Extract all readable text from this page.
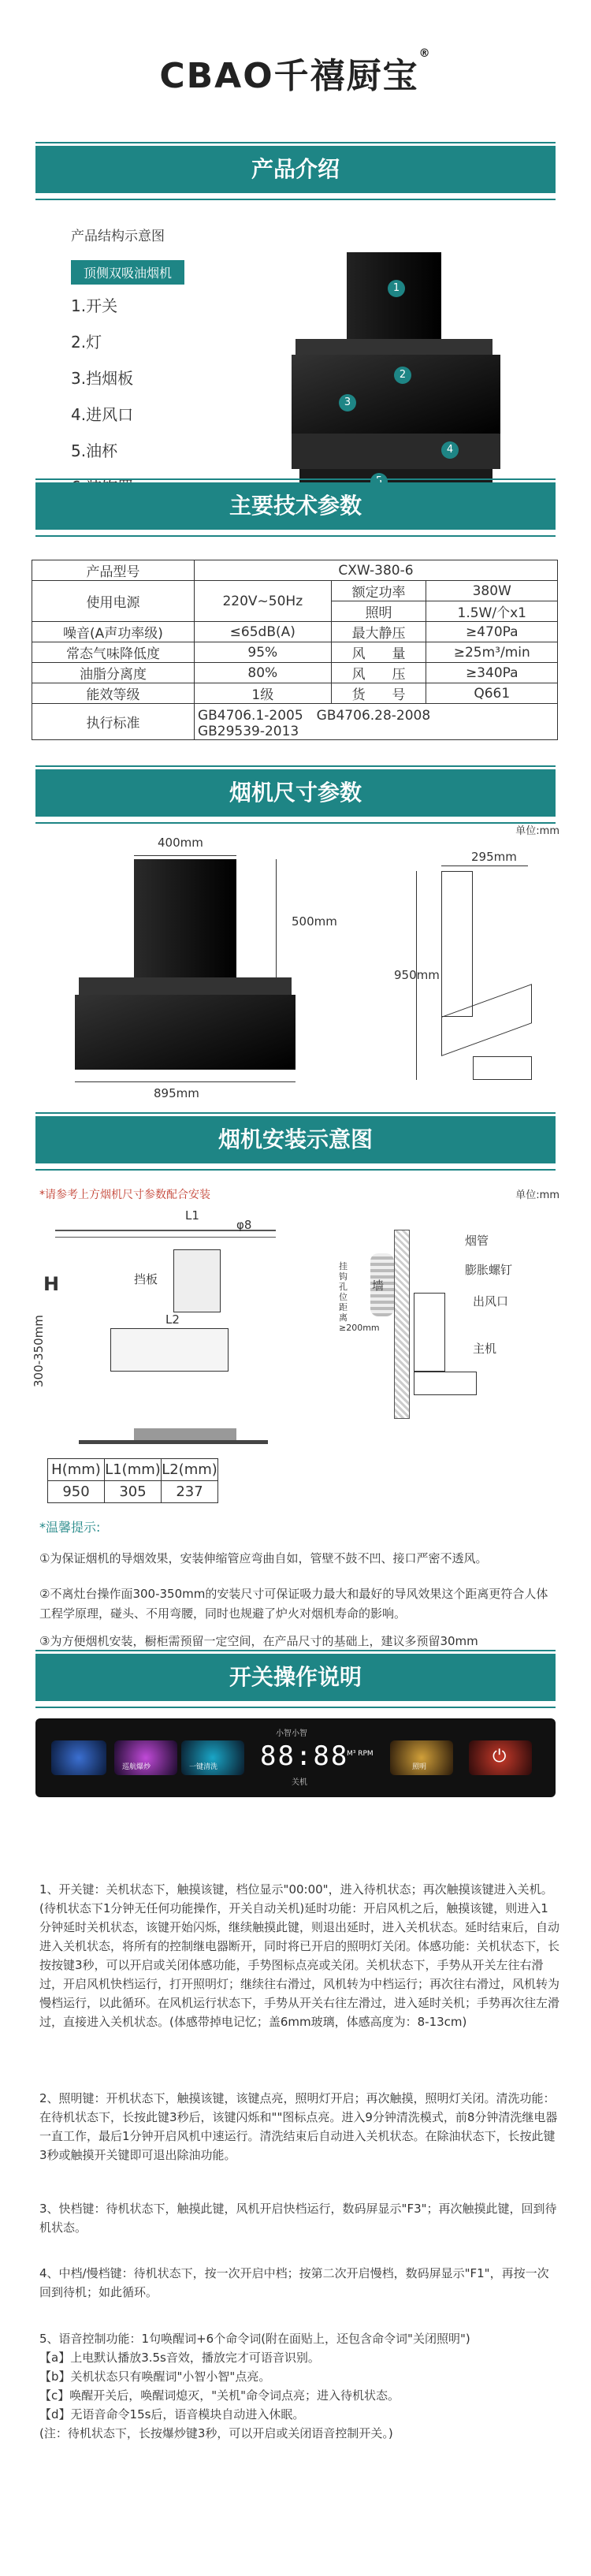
CBAO千禧厨宝®
产品介绍
产品结构示意图
顶侧双吸油烟机
1.开关
2.灯
3.挡烟板
4.进风口
5.油杯
1
2
3
4
主要技术参数
产品型号	CXW-380-6		
使用电源	220V~50Hz	额定功率	380W
		照明	1.5W/个x1
噪音(A声功率级)	≤65dB(A)	最大静压	≥470Pa
常态气味降低度	95%	风　　量	≥25m³/min
油脂分离度	80%	风　　压	≥340Pa
能效等级	1级	货　　号	Q661
执行标准	GB4706.1-2005　GB4706.28-2008
GB29539-2013		
烟机尺寸参数
单位:mm
400mm
500mm
895mm
295mm
950mm
烟机安装示意图
*请参考上方烟机尺寸参数配合安装	单位:mm
L1
φ8
挡板
L2
H
300-350mm
烟管
膨胀螺钉
墙
出风口
主机
挂钩孔位距离≥200mm
H(mm)	L1(mm)	L2(mm)
950	305	237
*温馨提示:
①为保证烟机的导烟效果，安装伸缩管应弯曲自如，管壁不鼓不凹、接口严密不透风。
②不离灶台操作面300-350mm的安装尺寸可保证吸力最大和最好的导风效果这个距离更符合人体工程学原理，碰头、不用弯腰，同时也规避了炉火对烟机寿命的影响。
③为方便烟机安装，橱柜需预留一定空间，在产品尺寸的基础上，建议多预留30mm
开关操作说明
巡航爆炒	一键清洗
小智小智
88:88
M³ RPM
关机
照明
⏻
1、开关键：关机状态下，触摸该键，档位显示"00:00"，进入待机状态；再次触摸该键进入关机。(待机状态下1分钟无任何功能操作，开关自动关机)延时功能：开启风机之后，触摸该键，则进入1分钟延时关机状态，该键开始闪烁，继续触摸此键，则退出延时，进入关机状态。延时结束后，自动进入关机状态，将所有的控制继电器断开，同时将已开启的照明灯关闭。体感功能：关机状态下，长按按键3秒，可以开启或关闭体感功能，手势图标点亮或关闭。关机状态下，手势从开关左往右滑过，开启风机快档运行，打开照明灯；继续往右滑过，风机转为中档运行；再次往右滑过，风机转为慢档运行，以此循环。在风机运行状态下，手势从开关右往左滑过，进入延时关机；手势再次往左滑过，直接进入关机状态。(体感带掉电记忆；盖6mm玻璃，体感高度为：8-13cm)
2、照明键：开机状态下，触摸该键，该键点亮，照明灯开启；再次触摸，照明灯关闭。清洗功能：在待机状态下，长按此键3秒后，该键闪烁和""图标点亮。进入9分钟清洗模式，前8分钟清洗继电器一直工作，最后1分钟开启风机中速运行。清洗结束后自动进入关机状态。在除油状态下，长按此键3秒或触摸开关键即可退出除油功能。
3、快档键：待机状态下，触摸此键，风机开启快档运行，数码屏显示"F3"；再次触摸此键，回到待机状态。
4、中档/慢档键：待机状态下，按一次开启中档；按第二次开启慢档，数码屏显示"F1"，再按一次回到待机；如此循环。
5、语音控制功能：1句唤醒词+6个命令词(附在面贴上，还包含命令词"关闭照明")
【a】上电默认播放3.5s音效，播放完才可语音识别。
【b】关机状态只有唤醒词"小智小智"点亮。
【c】唤醒开关后，唤醒词熄灭，"关机"命令词点亮；进入待机状态。
【d】无语音命令15s后，语音模块自动进入休眠。
(注：待机状态下，长按爆炒键3秒，可以开启或关闭语音控制开关。)
